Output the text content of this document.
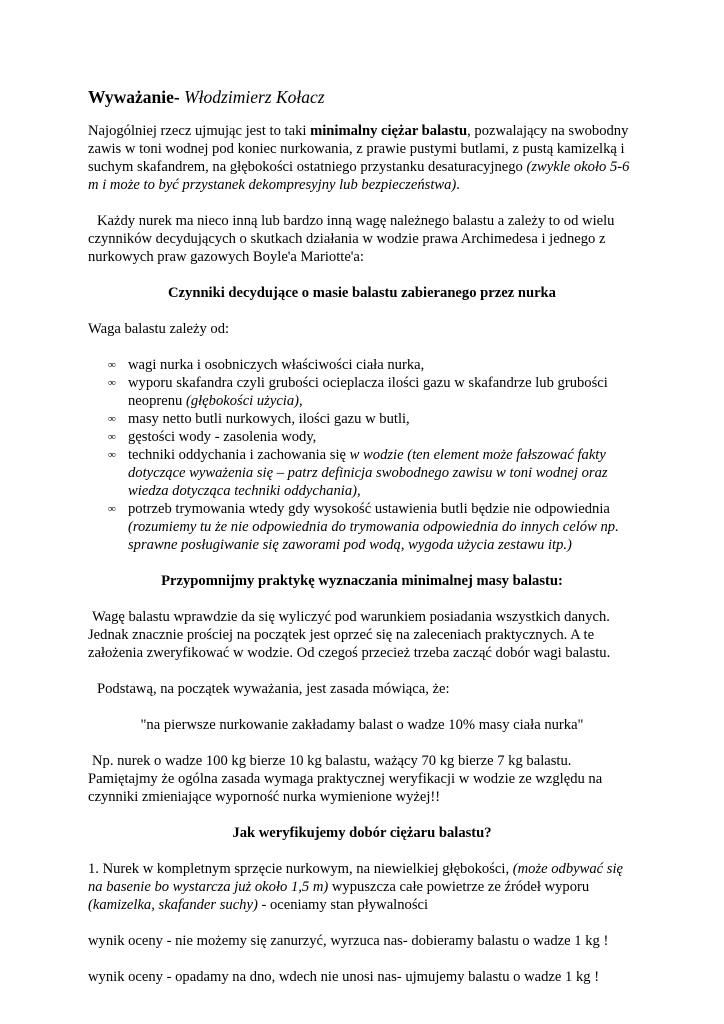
Wyważanie- Włodzimierz Kołacz

Najogólniej rzecz ujmując jest to taki minimalny ciężar balastu, pozwalający na swobodny zawis w toni wodnej pod koniec nurkowania, z prawie pustymi butlami, z pustą kamizelką i suchym skafandrem, na głębokości ostatniego przystanku desaturacyjnego (zwykle około 5-6 m i może to być przystanek dekompresyjny lub bezpieczeństwa).

Każdy nurek ma nieco inną lub bardzo inną wagę należnego balastu a zależy to od wielu czynników decydujących o skutkach działania w wodzie prawa Archimedesa i jednego z nurkowych praw gazowych Boyle'a Mariotte'a:

Czynniki decydujące o masie balastu zabieranego przez nurka

Waga balastu zależy od:

∞ wagi nurka i osobniczych właściwości ciała nurka,
∞ wyporu skafandra czyli grubości ocieplacza ilości gazu w skafandrze lub grubości neoprenu (głębokości użycia),
∞ masy netto butli nurkowych, ilości gazu w butli,
∞ gęstości wody - zasolenia wody,
∞ techniki oddychania i zachowania się w wodzie (ten element może fałszować fakty dotyczące wyważenia się – patrz definicja swobodnego zawisu w toni wodnej oraz wiedza dotycząca techniki oddychania),
∞ potrzeb trymowania wtedy gdy wysokość ustawienia butli będzie nie odpowiednia (rozumiemy tu że nie odpowiednia do trymowania odpowiednia do innych celów np. sprawne posługiwanie się zaworami pod wodą, wygoda użycia zestawu itp.)

Przypomnijmy praktykę wyznaczania minimalnej masy balastu:

Wagę balastu wprawdzie da się wyliczyć pod warunkiem posiadania wszystkich danych. Jednak znacznie prościej na początek jest oprzeć się na zaleceniach praktycznych. A te założenia zweryfikować w wodzie. Od czegoś przecież trzeba zacząć dobór wagi balastu.

Podstawą, na początek wyważania, jest zasada mówiąca, że:

"na pierwsze nurkowanie zakładamy balast o wadze 10% masy ciała nurka"

Np. nurek o wadze 100 kg bierze 10 kg balastu, ważący 70 kg bierze 7 kg balastu. Pamiętajmy że ogólna zasada wymaga praktycznej weryfikacji w wodzie ze względu na czynniki zmieniające wyporność nurka wymienione wyżej!!

Jak weryfikujemy dobór ciężaru balastu?

1. Nurek w kompletnym sprzęcie nurkowym, na niewielkiej głębokości, (może odbywać się na basenie bo wystarcza już około 1,5 m) wypuszcza całe powietrze ze źródeł wyporu (kamizelka, skafander suchy) - oceniamy stan pływalności

wynik oceny - nie możemy się zanurzyć, wyrzuca nas- dobieramy balastu o wadze 1 kg !

wynik oceny - opadamy na dno, wdech nie unosi nas- ujmujemy balastu o wadze 1 kg !
